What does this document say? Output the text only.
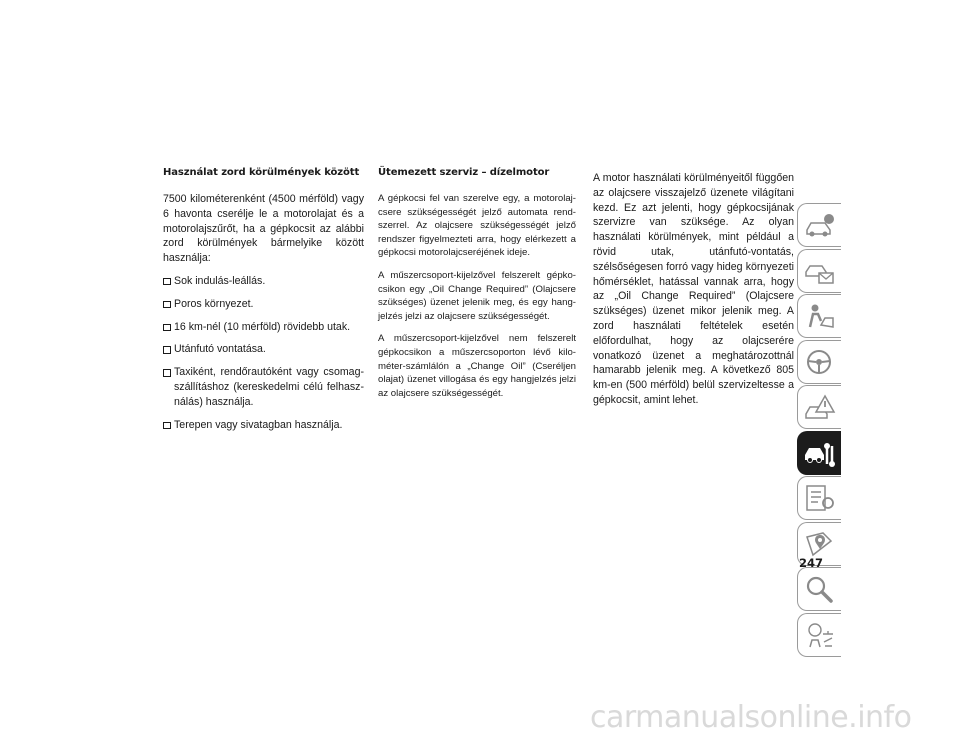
Használat zord körülmények között

7500 kilométerenként (4500 mérföld) vagy 6 havonta cserélje le a motorolajat és a motorolajszűrőt, ha a gépkocsit az alábbi zord körülmények bármelyike között használja:

Sok indulás-leállás.
Poros környezet.
16 km-nél (10 mérföld) rövidebb utak.
Utánfutó vontatása.
Taxiként, rendőrautóként vagy csomagszállításhoz (kereskedelmi célú felhasználás) használja.
Terepen vagy sivatagban használja.
Ütemezett szerviz – dízelmotor

A gépkocsi fel van szerelve egy, a motorolajcsere szükségességét jelző automata rendszerrel. Az olajcsere szükségességét jelző rendszer figyelmezteti arra, hogy elérkezett a gépkocsi motorolajcseréjének ideje.

A műszercsoport-kijelzővel felszerelt gépkocsikon egy „Oil Change Required” (Olajcsere szükséges) üzenet jelenik meg, és egy hangjelzés jelzi az olajcsere szükségességét.

A műszercsoport-kijelzővel nem felszerelt gépkocsikon a műszercsoporton lévő kilométer-számlálón a „Change Oil” (Cseréljen olajat) üzenet villogása és egy hangjelzés jelzi az olajcsere szükségességét.

A motor használati körülményeitől függően az olajcsere visszajelző üzenete világítani kezd. Ez azt jelenti, hogy gépkocsijának szervizre van szüksége. Az olyan használati körülmények, mint például a rövid utak, utánfutó-vontatás, szélsőségesen forró vagy hideg környezeti hőmérséklet, hatással vannak arra, hogy az „Oil Change Required” (Olajcsere szükséges) üzenet mikor jelenik meg. A zord használati feltételek esetén előfordulhat, hogy az olajcserére vonatkozó üzenet a meghatározottnál hamarabb jelenik meg. A következő 805 km-en (500 mérföld) belül szervizeltesse a gépkocsit, amint lehet.

247
carmanualsonline.info
